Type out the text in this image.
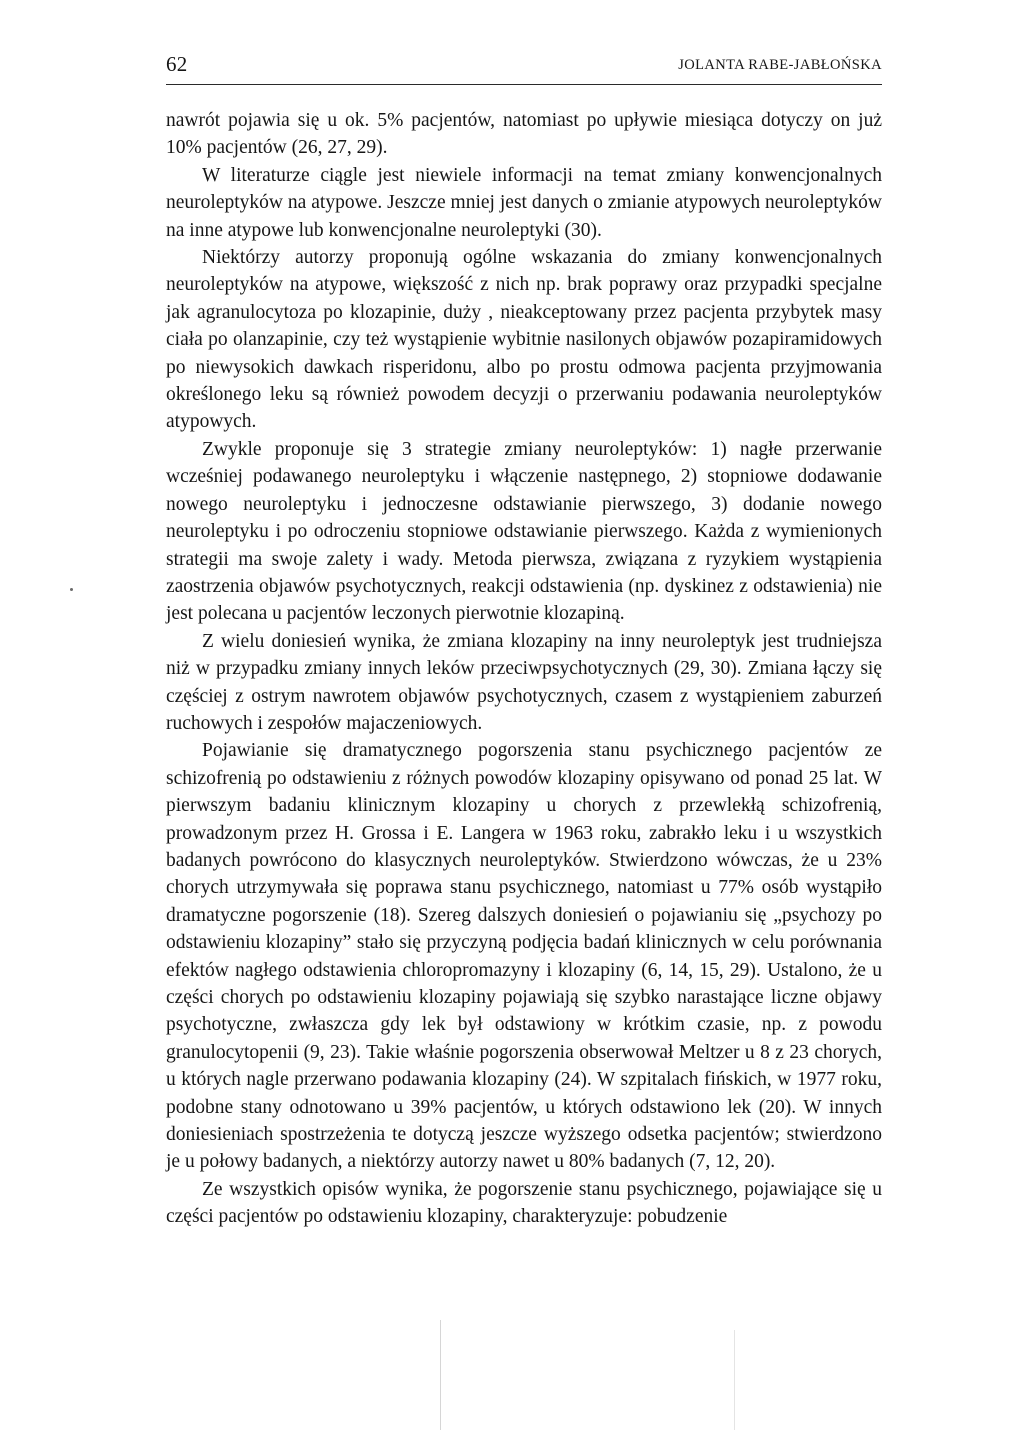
62	JOLANTA RABE-JABŁOŃSKA

nawrót pojawia się u ok. 5% pacjentów, natomiast po upływie miesiąca dotyczy on już 10% pacjentów (26, 27, 29).

W literaturze ciągle jest niewiele informacji na temat zmiany konwencjonalnych neuroleptyków na atypowe. Jeszcze mniej jest danych o zmianie atypowych neuroleptyków na inne atypowe lub konwencjonalne neuroleptyki (30).

Niektórzy autorzy proponują ogólne wskazania do zmiany konwencjonalnych neuroleptyków na atypowe, większość z nich np. brak poprawy oraz przypadki specjalne jak agranulocytoza po klozapinie, duży , nieakceptowany przez pacjenta przybytek masy ciała po olanzapinie, czy też wystąpienie wybitnie nasilonych objawów pozapiramidowych po niewysokich dawkach risperidonu, albo po prostu odmowa pacjenta przyjmowania określonego leku są również powodem decyzji o przerwaniu podawania neuroleptyków atypowych.

Zwykle proponuje się 3 strategie zmiany neuroleptyków: 1) nagłe przerwanie wcześniej podawanego neuroleptyku i włączenie następnego, 2) stopniowe dodawanie nowego neuroleptyku i jednoczesne odstawianie pierwszego, 3) dodanie nowego neuroleptyku i po odroczeniu stopniowe odstawianie pierwszego. Każda z wymienionych strategii ma swoje zalety i wady. Metoda pierwsza, związana z ryzykiem wystąpienia zaostrzenia objawów psychotycznych, reakcji odstawienia (np. dyskinez z odstawienia) nie jest polecana u pacjentów leczonych pierwotnie klozapiną.

Z wielu doniesień wynika, że zmiana klozapiny na inny neuroleptyk jest trudniejsza niż w przypadku zmiany innych leków przeciwpsychotycznych (29, 30). Zmiana łączy się częściej z ostrym nawrotem objawów psychotycznych, czasem z wystąpieniem zaburzeń ruchowych i zespołów majaczeniowych.

Pojawianie się dramatycznego pogorszenia stanu psychicznego pacjentów ze schizofrenią po odstawieniu z różnych powodów klozapiny opisywano od ponad 25 lat. W pierwszym badaniu klinicznym klozapiny u chorych z przewlekłą schizofrenią, prowadzonym przez H. Grossa i E. Langera w 1963 roku, zabrakło leku i u wszystkich badanych powrócono do klasycznych neuroleptyków. Stwierdzono wówczas, że u 23% chorych utrzymywała się poprawa stanu psychicznego, natomiast u 77% osób wystąpiło dramatyczne pogorszenie (18). Szereg dalszych doniesień o pojawianiu się „psychozy po odstawieniu klozapiny” stało się przyczyną podjęcia badań klinicznych w celu porównania efektów nagłego odstawienia chloropromazyny i klozapiny (6, 14, 15, 29). Ustalono, że u części chorych po odstawieniu klozapiny pojawiają się szybko narastające liczne objawy psychotyczne, zwłaszcza gdy lek był odstawiony w krótkim czasie, np. z powodu granulocytopenii (9, 23). Takie właśnie pogorszenia obserwował Meltzer u 8 z 23 chorych, u których nagle przerwano podawania klozapiny (24). W szpitalach fińskich, w 1977 roku, podobne stany odnotowano u 39% pacjentów, u których odstawiono lek (20). W innych doniesieniach spostrzeżenia te dotyczą jeszcze wyższego odsetka pacjentów; stwierdzono je u połowy badanych, a niektórzy autorzy nawet u 80% badanych (7, 12, 20).

Ze wszystkich opisów wynika, że pogorszenie stanu psychicznego, pojawiające się u części pacjentów po odstawieniu klozapiny, charakteryzuje: pobudzenie
